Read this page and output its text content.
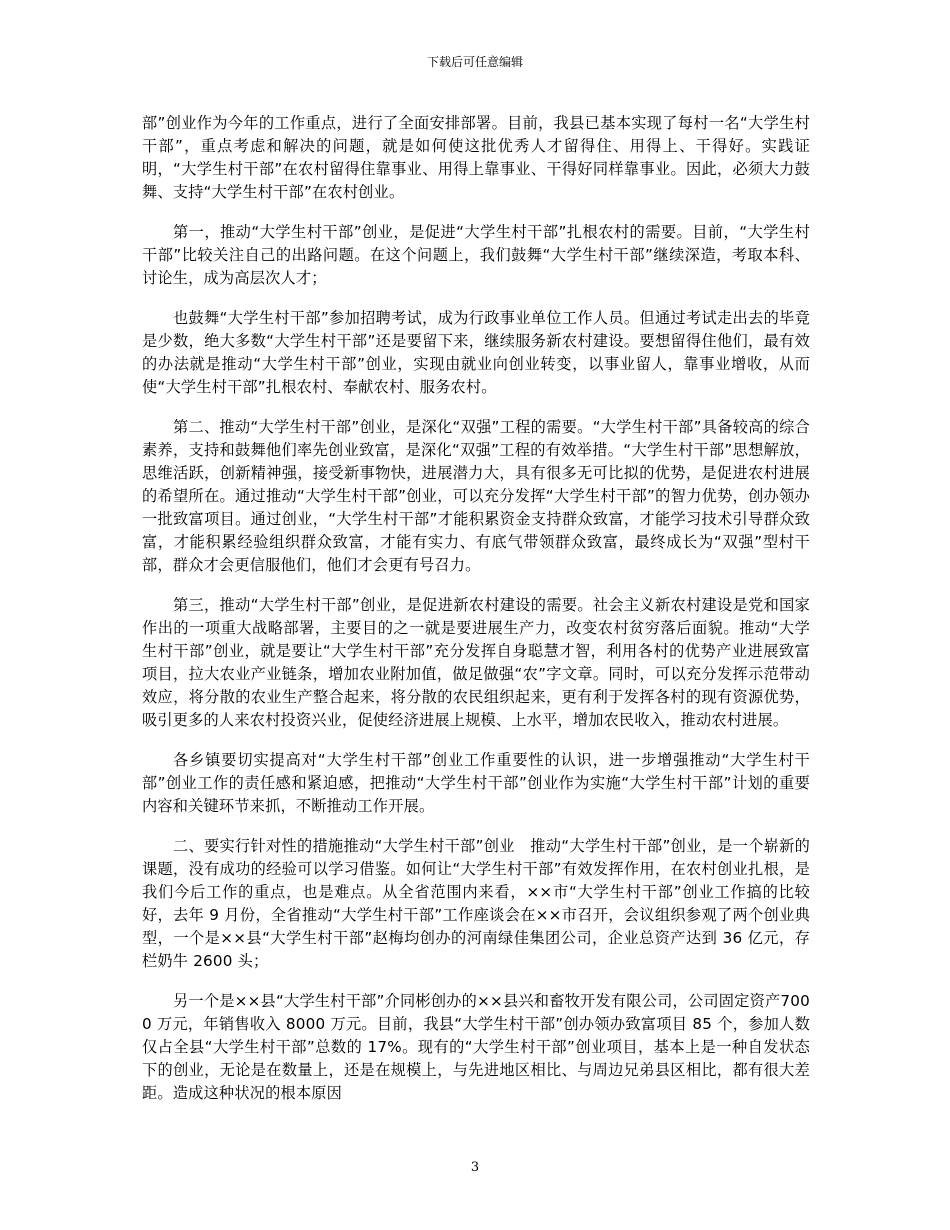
下载后可任意编辑

部”创业作为今年的工作重点，进行了全面安排部署。目前，我县已基本实现了每村一名“大学生村干部”，重点考虑和解决的问题，就是如何使这批优秀人才留得住、用得上、干得好。实践证明，“大学生村干部”在农村留得住靠事业、用得上靠事业、干得好同样靠事业。因此，必须大力鼓舞、支持“大学生村干部”在农村创业。

第一，推动“大学生村干部”创业，是促进“大学生村干部”扎根农村的需要。目前，“大学生村干部”比较关注自己的出路问题。在这个问题上，我们鼓舞“大学生村干部”继续深造，考取本科、讨论生，成为高层次人才；

也鼓舞“大学生村干部”参加招聘考试，成为行政事业单位工作人员。但通过考试走出去的毕竟是少数，绝大多数“大学生村干部”还是要留下来，继续服务新农村建设。要想留得住他们，最有效的办法就是推动“大学生村干部”创业，实现由就业向创业转变，以事业留人，靠事业增收，从而使“大学生村干部”扎根农村、奉献农村、服务农村。

第二、推动“大学生村干部”创业，是深化“双强”工程的需要。“大学生村干部”具备较高的综合素养，支持和鼓舞他们率先创业致富，是深化“双强”工程的有效举措。“大学生村干部”思想解放，思维活跃，创新精神强，接受新事物快，进展潜力大，具有很多无可比拟的优势，是促进农村进展的希望所在。通过推动“大学生村干部”创业，可以充分发挥“大学生村干部”的智力优势，创办领办一批致富项目。通过创业，“大学生村干部”才能积累资金支持群众致富，才能学习技术引导群众致富，才能积累经验组织群众致富，才能有实力、有底气带领群众致富，最终成长为“双强”型村干部，群众才会更信服他们，他们才会更有号召力。

第三，推动“大学生村干部”创业，是促进新农村建设的需要。社会主义新农村建设是党和国家作出的一项重大战略部署，主要目的之一就是要进展生产力，改变农村贫穷落后面貌。推动“大学生村干部”创业，就是要让“大学生村干部”充分发挥自身聪慧才智，利用各村的优势产业进展致富项目，拉大农业产业链条，增加农业附加值，做足做强“农”字文章。同时，可以充分发挥示范带动效应，将分散的农业生产整合起来，将分散的农民组织起来，更有利于发挥各村的现有资源优势，吸引更多的人来农村投资兴业，促使经济进展上规模、上水平，增加农民收入，推动农村进展。

各乡镇要切实提高对“大学生村干部”创业工作重要性的认识，进一步增强推动“大学生村干部”创业工作的责任感和紧迫感，把推动“大学生村干部”创业作为实施“大学生村干部”计划的重要内容和关键环节来抓，不断推动工作开展。

二、要实行针对性的措施推动“大学生村干部”创业　推动“大学生村干部”创业，是一个崭新的课题，没有成功的经验可以学习借鉴。如何让“大学生村干部”有效发挥作用，在农村创业扎根，是我们今后工作的重点，也是难点。从全省范围内来看，××市“大学生村干部”创业工作搞的比较好，去年 9 月份，全省推动“大学生村干部”工作座谈会在××市召开，会议组织参观了两个创业典型，一个是××县“大学生村干部”赵梅均创办的河南绿佳集团公司，企业总资产达到 36 亿元，存栏奶牛 2600 头；

另一个是××县“大学生村干部”介同彬创办的××县兴和畜牧开发有限公司，公司固定资产7000 万元，年销售收入 8000 万元。目前，我县“大学生村干部”创办领办致富项目 85 个，参加人数仅占全县“大学生村干部”总数的 17%。现有的“大学生村干部”创业项目，基本上是一种自发状态下的创业，无论是在数量上，还是在规模上，与先进地区相比、与周边兄弟县区相比，都有很大差距。造成这种状况的根本原因

3
